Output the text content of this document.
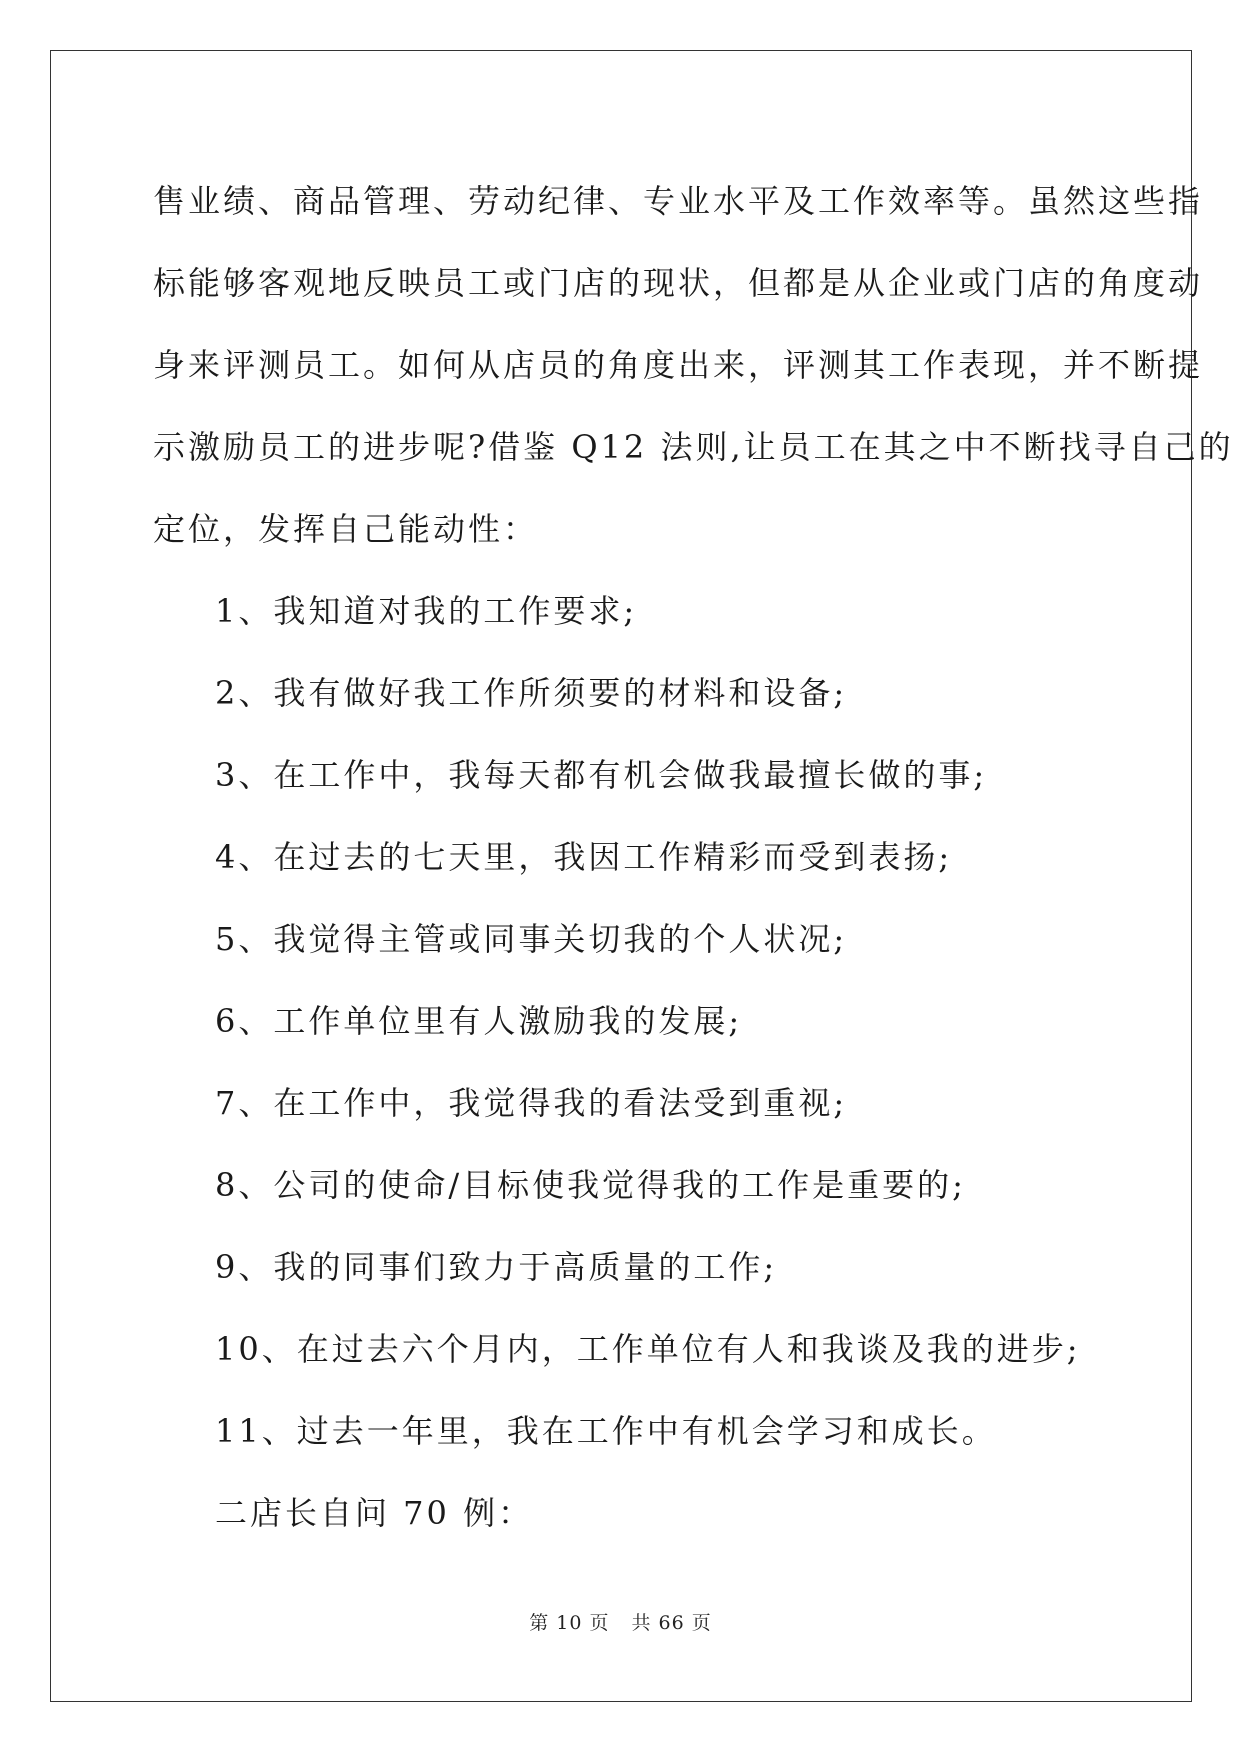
售业绩、商品管理、劳动纪律、专业水平及工作效率等。虽然这些指
标能够客观地反映员工或门店的现状，但都是从企业或门店的角度动
身来评测员工。如何从店员的角度出来，评测其工作表现，并不断提
示激励员工的进步呢?借鉴 Q12 法则,让员工在其之中不断找寻自己的
定位，发挥自己能动性：
1、我知道对我的工作要求;
2、我有做好我工作所须要的材料和设备;
3、在工作中，我每天都有机会做我最擅长做的事;
4、在过去的七天里，我因工作精彩而受到表扬;
5、我觉得主管或同事关切我的个人状况;
6、工作单位里有人激励我的发展;
7、在工作中，我觉得我的看法受到重视;
8、公司的使命/目标使我觉得我的工作是重要的;
9、我的同事们致力于高质量的工作;
10、在过去六个月内，工作单位有人和我谈及我的进步;
11、过去一年里，我在工作中有机会学习和成长。
二店长自问 70 例：
第 10 页 共 66 页
